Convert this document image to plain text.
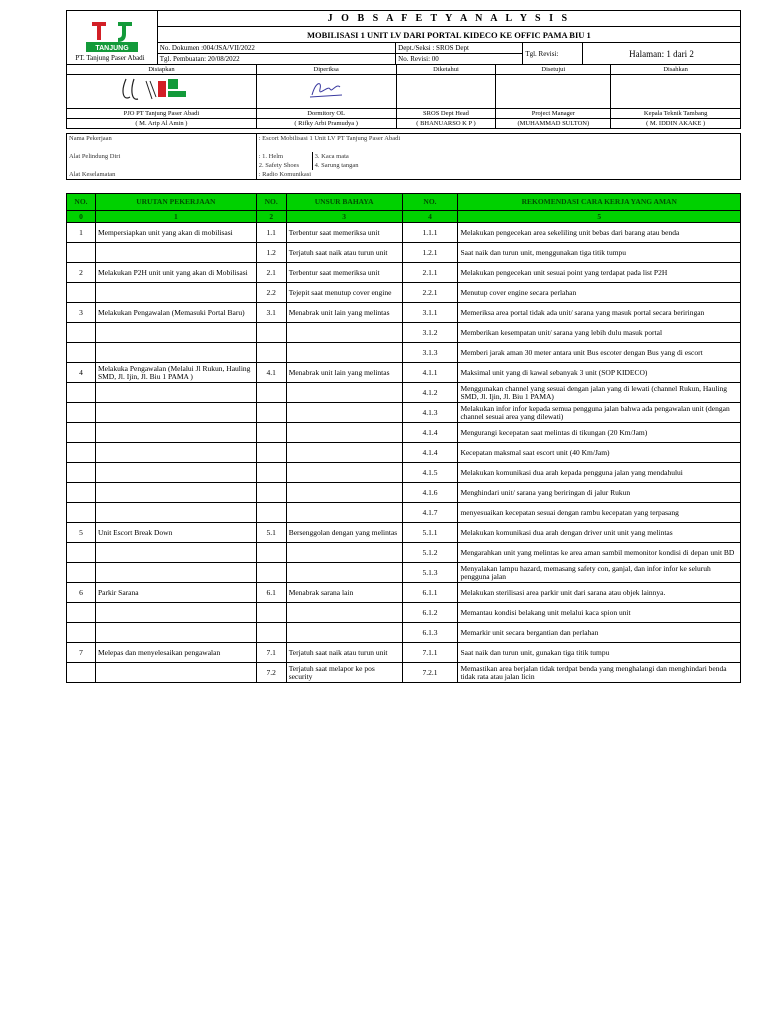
TANJUNG	J O B S A F E T Y A N A L Y S I S			
	MOBILISASI 1 UNIT LV DARI PORTAL KIDECO KE OFFIC PAMA BIU 1			
	No. Dokumen :004/JSA/VII/2022	Dept./Seksi : SROS Dept	Tgl. Revisi:	Halaman: 1 dari 2
	Tgl. Pembuatan: 20/08/2022	No. Revisi: 00		
PT. Tanjung Paser Abadi
Disiapkan	Diperiksa	Diketahui	Disetujui	Disahkan

PJO PT Tanjung Paser Abadi	Dormitory OL	SROS Dept Head	Project Manager	Kepala Teknik Tambang
( M. Arip Al Amin )	( Rifky Arbi Pramudya )	( BHANUARSO K P )	(MUHAMMAD SULTON)	( M. IDDIN AKAKE )
Nama Pekerjaan	: Escort Mobilisasi 1 Unit LV PT Tanjung Paser Abadi	

Alat Pelindung Diri	: 1. Helm	3. Kaca mata
	2. Safety Shoes	4. Sarung tangan
Alat Keselamatan	: Radio Komunikasi	
NO.	URUTAN PEKERJAAN	NO.	UNSUR BAHAYA	NO.	REKOMENDASI CARA KERJA YANG AMAN
0	1	2	3	4	5
1	Mempersiapkan unit yang akan di mobilisasi	1.1	Terbentur saat memeriksa unit	1.1.1	Melakukan pengecekan area sekeliling unit bebas dari barang atau benda
		1.2	Terjatuh saat naik atau turun unit	1.2.1	Saat naik dan turun unit, menggunakan tiga titik tumpu
2	Melakukan P2H unit unit yang akan di Mobilisasi	2.1	Terbentur saat memeriksa unit	2.1.1	Melakukan pengecekan unit sesuai point yang terdapat pada list P2H
		2.2	Tejepit saat menutup cover engine	2.2.1	Menutup cover engine secara perlahan
3	Melakukan Pengawalan (Memasuki Portal Baru)	3.1	Menabrak unit lain yang melintas	3.1.1	Memeriksa area portal tidak ada unit/ sarana yang masuk portal secara beriringan
				3.1.2	Memberikan kesempatan unit/ sarana yang lebih dulu masuk portal
				3.1.3	Memberi jarak aman 30 meter antara unit Bus escoter dengan Bus yang di escort
4	Melakuka Pengawalan (Melalui Jl Rukun, Hauling SMD, Jl. Ijin, Jl. Biu 1 PAMA )	4.1	Menabrak unit lain yang melintas	4.1.1	Maksimal unit yang di kawal sebanyak 3 unit (SOP KIDECO)
				4.1.2	Menggunakan channel yang sesuai dengan jalan yang di lewati (channel Rukun, Hauling SMD, Jl. Ijin, Jl. Biu 1 PAMA)
				4.1.3	Melakukan infor infor kepada semua pengguna jalan bahwa ada pengawalan unit (dengan channel sesuai area yang dilewati)
				4.1.4	Mengurangi kecepatan saat melintas di tikungan (20 Km/Jam)
				4.1.4	Kecepatan maksmal saat escort unit (40 Km/Jam)
				4.1.5	Melakukan komunikasi dua arah kepada pengguna jalan yang mendahului
				4.1.6	Menghindari unit/ sarana yang beriringan di jalur Rukun
				4.1.7	menyesuaikan kecepatan sesuai dengan rambu kecepatan yang terpasang
5	Unit Escort Break Down	5.1	Bersenggolan dengan yang melintas	5.1.1	Melakukan komunikasi dua arah dengan driver unit unit yang melintas
				5.1.2	Mengarahkan unit yang melintas ke area aman sambil memonitor kondisi di depan unit BD
				5.1.3	Menyalakan lampu hazard, memasang safety con, ganjal, dan infor infor ke seluruh pengguna jalan
6	Parkir Sarana	6.1	Menabrak sarana lain	6.1.1	Melakukan sterilisasi area parkir unit dari sarana atau objek lainnya.
				6.1.2	Memantau kondisi belakang unit melalui kaca spion unit
				6.1.3	Memarkir unit secara bergantian dan perlahan
7	Melepas dan menyelesaikan pengawalan	7.1	Terjatuh saat naik atau turun unit	7.1.1	Saat naik dan turun unit, gunakan tiga titik tumpu
		7.2	Terjatuh saat melapor ke pos security	7.2.1	Memastikan area berjalan tidak terdpat benda yang menghalangi dan menghindari benda tidak rata atau jalan licin
